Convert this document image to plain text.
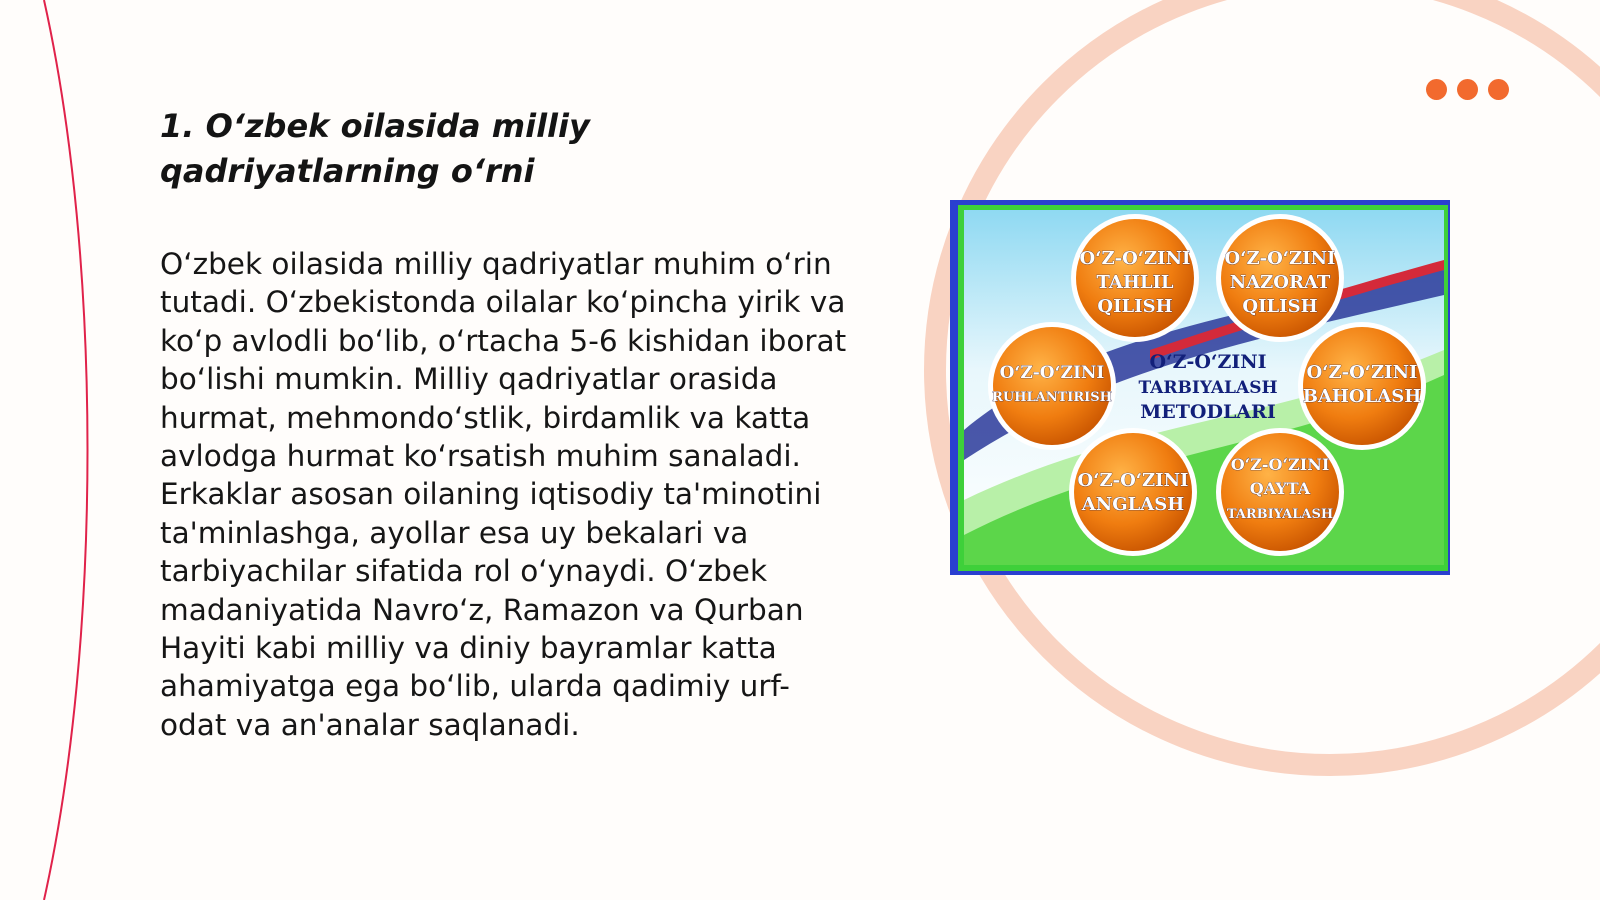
1. O‘zbek oilasida milliy qadriyatlarning o‘rni

O‘zbek oilasida milliy qadriyatlar muhim o‘rin tutadi. O‘zbekistonda oilalar ko‘pincha yirik va ko‘p avlodli bo‘lib, o‘rtacha 5-6 kishidan iborat bo‘lishi mumkin. Milliy qadriyatlar orasida hurmat, mehmondo‘stlik, birdamlik va katta avlodga hurmat ko‘rsatish muhim sanaladi. Erkaklar asosan oilaning iqtisodiy ta'minotini ta'minlashga, ayollar esa uy bekalari va tarbiyachilar sifatida rol o‘ynaydi. O‘zbek madaniyatida Navro‘z, Ramazon va Qurban Hayiti kabi milliy va diniy bayramlar katta ahamiyatga ega bo‘lib, ularda qadimiy urf-odat va an'analar saqlanadi.

O‘Z-O‘ZINI
TAHLIL
QILISH
O‘Z-O‘ZINI
NAZORAT
QILISH
O‘Z-O‘ZINI
RUHLANTIRISH
O‘Z-O‘ZINI
BAHOLASH
O‘Z-O‘ZINI
ANGLASH
O‘Z-O‘ZINI
QAYTA
TARBIYALASH
O‘Z-O‘ZINI
TARBIYALASH
METODLARI
